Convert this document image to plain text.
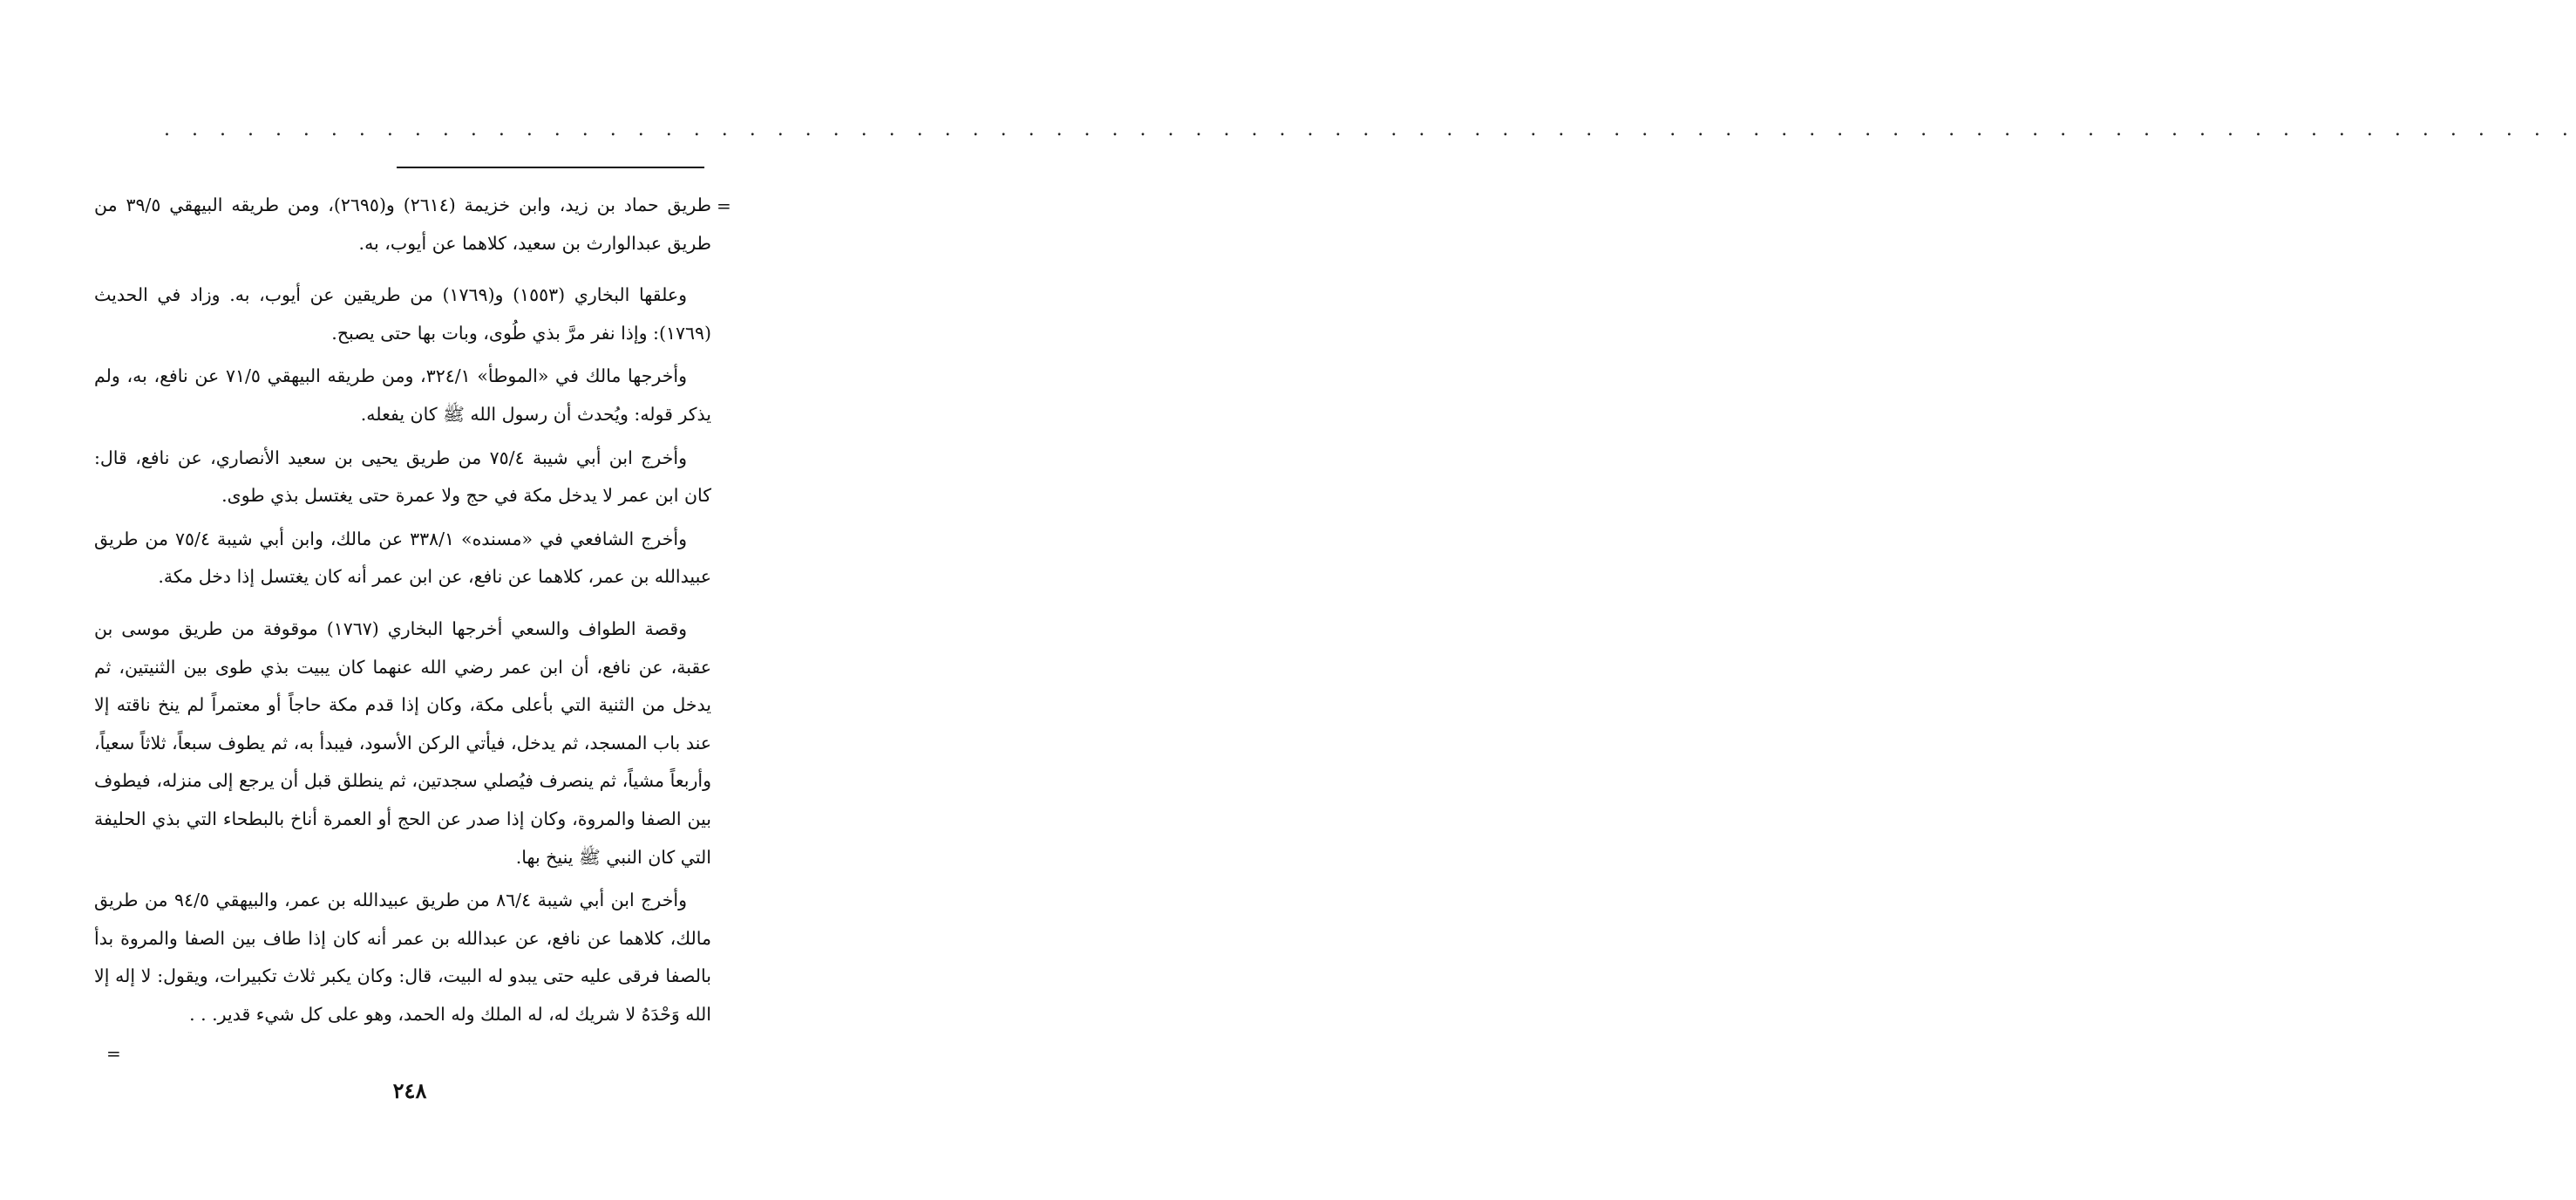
. . . . . . . . . . . . . . . . . . . . . . . . . . . . . . . . . . . . . . . . . . . . . . . . . . . . . . . . . . . . . . . . . . . . . . . . . . . . . . . . . . . . . . .
=

طريق حماد بن زيد، وابن خزيمة (٢٦١٤) و(٢٦٩٥)، ومن طريقه البيهقي ٣٩/٥ من طريق عبدالوارث بن سعيد، كلاهما عن أيوب، به.

وعلقها البخاري (١٥٥٣) و(١٧٦٩) من طريقين عن أيوب، به. وزاد في الحديث (١٧٦٩): وإذا نفر مرَّ بذي طُوى، وبات بها حتى يصبح.

وأخرجها مالك في «الموطأ» ٣٢٤/١، ومن طريقه البيهقي ٧١/٥ عن نافع، به، ولم يذكر قوله: ويُحدث أن رسول الله ﷺ كان يفعله.

وأخرج ابن أبي شيبة ٧٥/٤ من طريق يحيى بن سعيد الأنصاري، عن نافع، قال: كان ابن عمر لا يدخل مكة في حج ولا عمرة حتى يغتسل بذي طوى.

وأخرج الشافعي في «مسنده» ٣٣٨/١ عن مالك، وابن أبي شيبة ٧٥/٤ من طريق عبيدالله بن عمر، كلاهما عن نافع، عن ابن عمر أنه كان يغتسل إذا دخل مكة.

وقصة الطواف والسعي أخرجها البخاري (١٧٦٧) موقوفة من طريق موسى بن عقبة، عن نافع، أن ابن عمر رضي الله عنهما كان يبيت بذي طوى بين الثنيتين، ثم يدخل من الثنية التي بأعلى مكة، وكان إذا قدم مكة حاجاً أو معتمراً لم ينخ ناقته إلا عند باب المسجد، ثم يدخل، فيأتي الركن الأسود، فيبدأ به، ثم يطوف سبعاً، ثلاثاً سعياً، وأربعاً مشياً، ثم ينصرف فيُصلي سجدتين، ثم ينطلق قبل أن يرجع إلى منزله، فيطوف بين الصفا والمروة، وكان إذا صدر عن الحج أو العمرة أناخ بالبطحاء التي بذي الحليفة التي كان النبي ﷺ ينيخ بها.

وأخرج ابن أبي شيبة ٨٦/٤ من طريق عبيدالله بن عمر، والبيهقي ٩٤/٥ من طريق مالك، كلاهما عن نافع، عن عبدالله بن عمر أنه كان إذا طاف بين الصفا والمروة بدأ بالصفا فرقى عليه حتى يبدو له البيت، قال: وكان يكبر ثلاث تكبيرات، ويقول: لا إله إلا الله وَحْدَهُ لا شريك له، له الملك وله الحمد، وهو على كل شيء قدير. . .

=
٢٤٨
